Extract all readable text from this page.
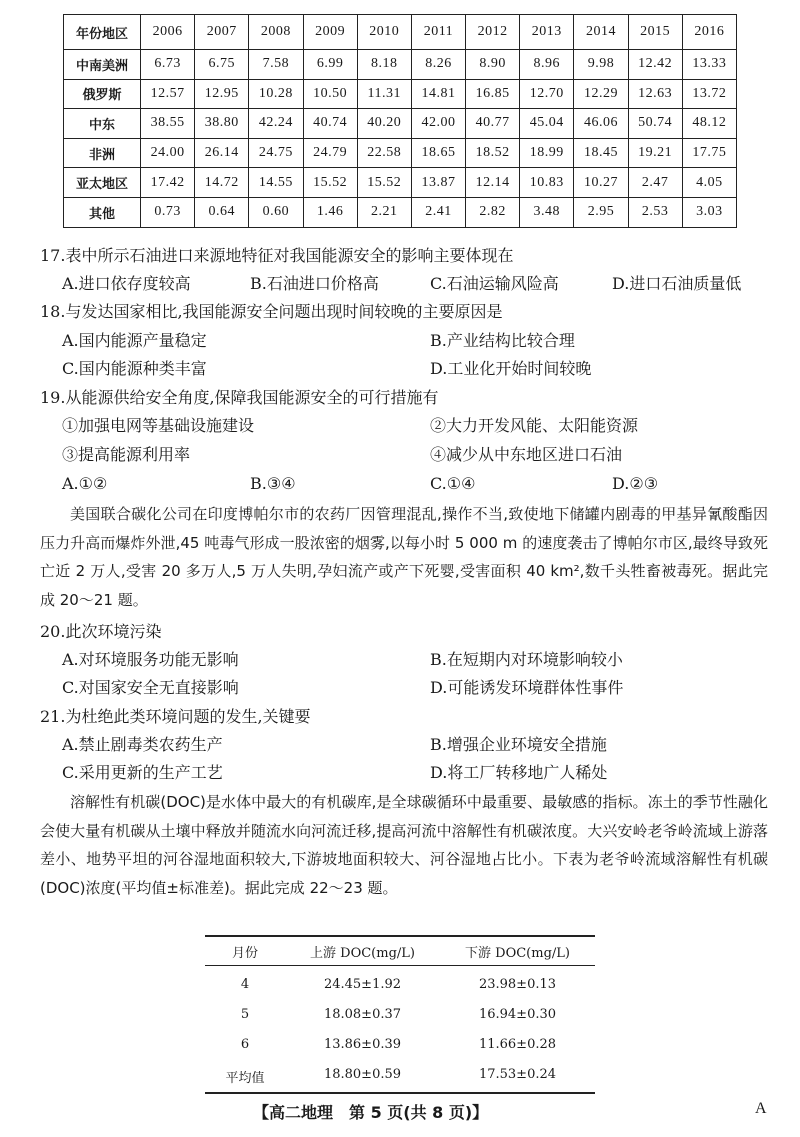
年份地区	2006	2007	2008	2009	2010	2011	2012	2013	2014	2015	2016
中南美洲	6.73	6.75	7.58	6.99	8.18	8.26	8.90	8.96	9.98	12.42	13.33
俄罗斯	12.57	12.95	10.28	10.50	11.31	14.81	16.85	12.70	12.29	12.63	13.72
中东	38.55	38.80	42.24	40.74	40.20	42.00	40.77	45.04	46.06	50.74	48.12
非洲	24.00	26.14	24.75	24.79	22.58	18.65	18.52	18.99	18.45	19.21	17.75
亚太地区	17.42	14.72	14.55	15.52	15.52	13.87	12.14	10.83	10.27	2.47	4.05
其他	0.73	0.64	0.60	1.46	2.21	2.41	2.82	3.48	2.95	2.53	3.03
17.表中所示石油进口来源地特征对我国能源安全的影响主要体现在
A.进口依存度较高	B.石油进口价格高	C.石油运输风险高	D.进口石油质量低
18.与发达国家相比,我国能源安全问题出现时间较晚的主要原因是
A.国内能源产量稳定	B.产业结构比较合理
C.国内能源种类丰富	D.工业化开始时间较晚
19.从能源供给安全角度,保障我国能源安全的可行措施有
①加强电网等基础设施建设	②大力开发风能、太阳能资源
③提高能源利用率	④减少从中东地区进口石油
A.①②	B.③④	C.①④	D.②③
美国联合碳化公司在印度博帕尔市的农药厂因管理混乱,操作不当,致使地下储罐内剧毒的甲基异氰酸酯因压力升高而爆炸外泄,45 吨毒气形成一股浓密的烟雾,以每小时 5 000 m 的速度袭击了博帕尔市区,最终导致死亡近 2 万人,受害 20 多万人,5 万人失明,孕妇流产或产下死婴,受害面积 40 km²,数千头牲畜被毒死。据此完成 20～21 题。
20.此次环境污染
A.对环境服务功能无影响	B.在短期内对环境影响较小
C.对国家安全无直接影响	D.可能诱发环境群体性事件
21.为杜绝此类环境问题的发生,关键要
A.禁止剧毒类农药生产	B.增强企业环境安全措施
C.采用更新的生产工艺	D.将工厂转移地广人稀处
溶解性有机碳(DOC)是水体中最大的有机碳库,是全球碳循环中最重要、最敏感的指标。冻土的季节性融化会使大量有机碳从土壤中释放并随流水向河流迁移,提高河流中溶解性有机碳浓度。大兴安岭老爷岭流域上游落差小、地势平坦的河谷湿地面积较大,下游坡地面积较大、河谷湿地占比小。下表为老爷岭流域溶解性有机碳(DOC)浓度(平均值±标准差)。据此完成 22～23 题。
月份	上游 DOC(mg/L)	下游 DOC(mg/L)
4	24.45±1.92	23.98±0.13
5	18.08±0.37	16.94±0.30
6	13.86±0.39	11.66±0.28
平均值	18.80±0.59	17.53±0.24
【高二地理　第 5 页(共 8 页)】	A
